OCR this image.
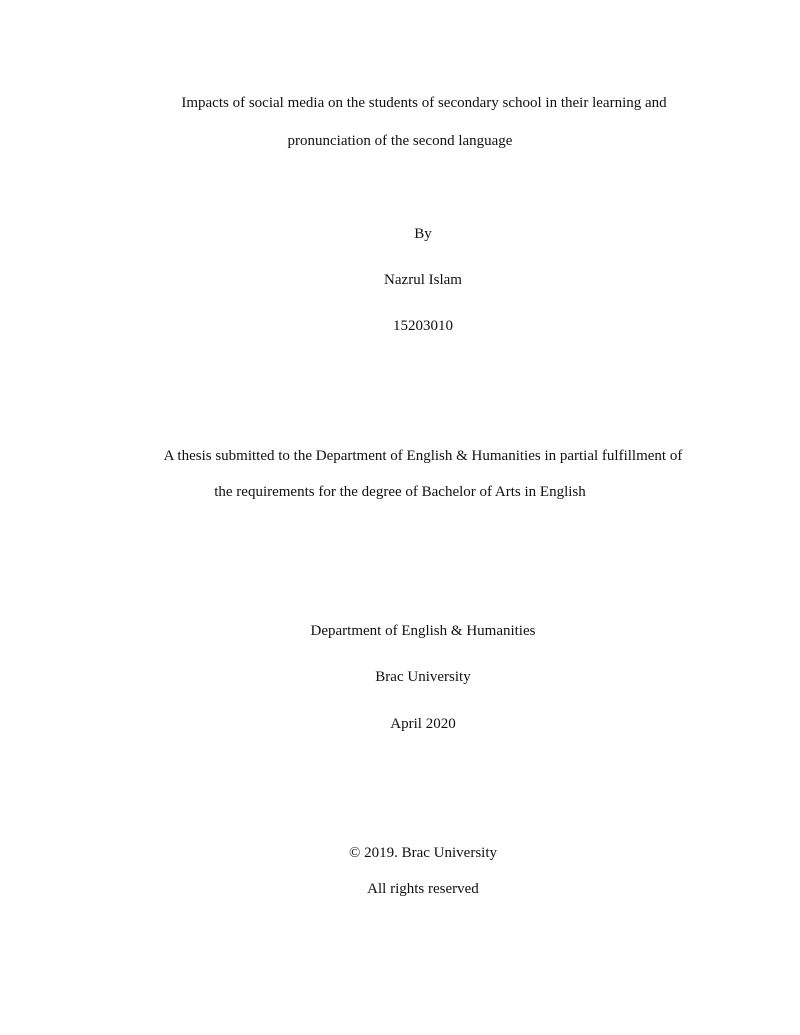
Impacts of social media on the students of secondary school in their learning and
pronunciation of the second language
By
Nazrul Islam
15203010
A thesis submitted to the Department of English & Humanities in partial fulfillment of
the requirements for the degree of Bachelor of Arts in English
Department of English & Humanities
Brac University
April 2020
© 2019. Brac University
All rights reserved
